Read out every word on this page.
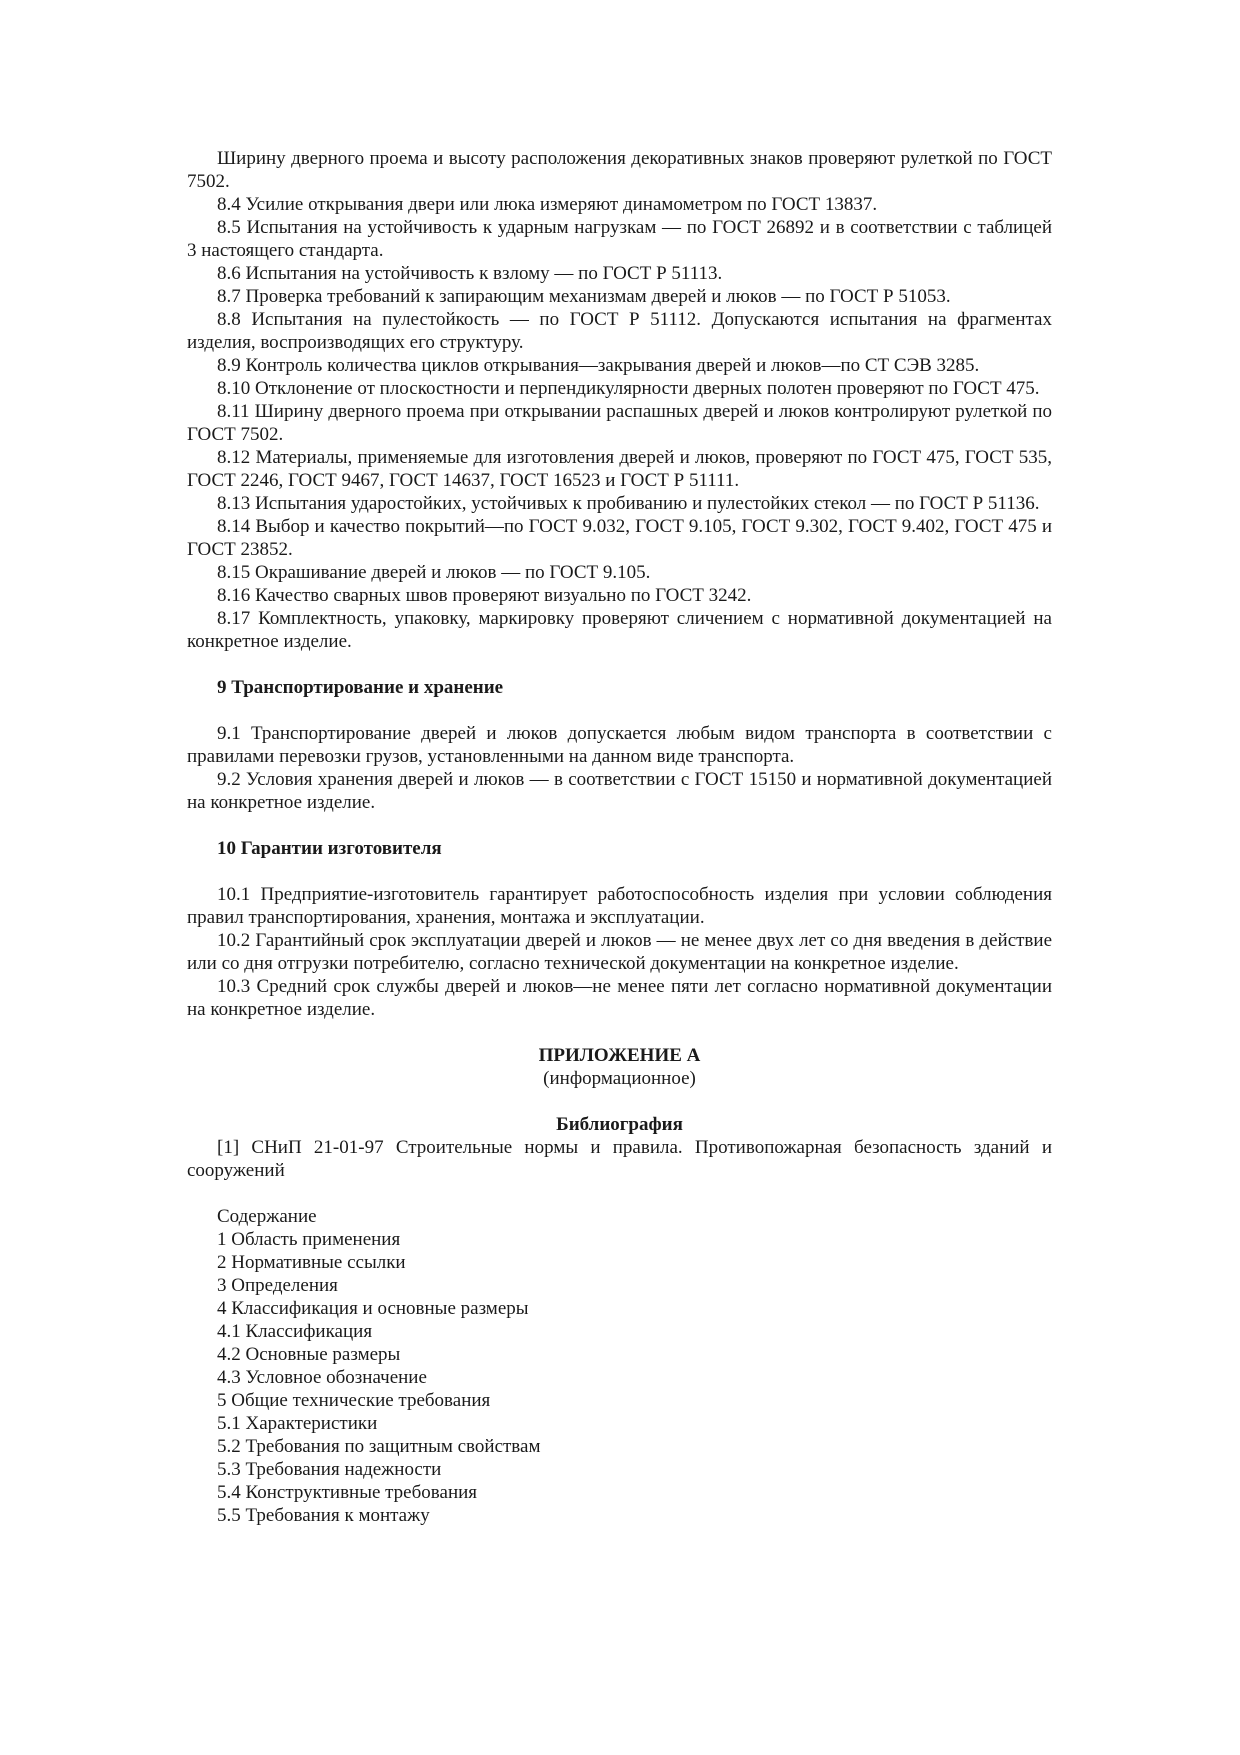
Ширину дверного проема и высоту расположения декоративных знаков проверяют рулеткой по ГОСТ 7502.

8.4 Усилие открывания двери или люка измеряют динамометром по ГОСТ 13837.

8.5 Испытания на устойчивость к ударным нагрузкам — по ГОСТ 26892 и в соответствии с таблицей 3 настоящего стандарта.

8.6 Испытания на устойчивость к взлому — по ГОСТ Р 51113.

8.7 Проверка требований к запирающим механизмам дверей и люков — по ГОСТ Р 51053.

8.8 Испытания на пулестойкость — по ГОСТ Р 51112. Допускаются испытания на фрагментах изделия, воспроизводящих его структуру.

8.9 Контроль количества циклов открывания—закрывания дверей и люков—по СТ СЭВ 3285.

8.10 Отклонение от плоскостности и перпендикулярности дверных полотен проверяют по ГОСТ 475.

8.11 Ширину дверного проема при открывании распашных дверей и люков контролируют рулеткой по ГОСТ 7502.

8.12 Материалы, применяемые для изготовления дверей и люков, проверяют по ГОСТ 475, ГОСТ 535, ГОСТ 2246, ГОСТ 9467, ГОСТ 14637, ГОСТ 16523 и ГОСТ Р 51111.

8.13 Испытания ударостойких, устойчивых к пробиванию и пулестойких стекол — по ГОСТ Р 51136.

8.14 Выбор и качество покрытий—по ГОСТ 9.032, ГОСТ 9.105, ГОСТ 9.302, ГОСТ 9.402, ГОСТ 475 и ГОСТ 23852.

8.15 Окрашивание дверей и люков — по ГОСТ 9.105.

8.16 Качество сварных швов проверяют визуально по ГОСТ 3242.

8.17 Комплектность, упаковку, маркировку проверяют сличением с нормативной документацией на конкретное изделие.

9 Транспортирование и хранение

9.1 Транспортирование дверей и люков допускается любым видом транспорта в соответствии с правилами перевозки грузов, установленными на данном виде транспорта.

9.2 Условия хранения дверей и люков — в соответствии с ГОСТ 15150 и нормативной документацией на конкретное изделие.

10 Гарантии изготовителя

10.1 Предприятие-изготовитель гарантирует работоспособность изделия при условии соблюдения правил транспортирования, хранения, монтажа и эксплуатации.

10.2 Гарантийный срок эксплуатации дверей и люков — не менее двух лет со дня введения в действие или со дня отгрузки потребителю, согласно технической документации на конкретное изделие.

10.3 Средний срок службы дверей и люков—не менее пяти лет согласно нормативной документации на конкретное изделие.

ПРИЛОЖЕНИЕ А

(информационное)

Библиография

[1] СНиП 21-01-97 Строительные нормы и правила. Противопожарная безопасность зданий и сооружений

Содержание

1 Область применения
2 Нормативные ссылки
3 Определения
4 Классификация и основные размеры
4.1 Классификация
4.2 Основные размеры
4.3 Условное обозначение
5 Общие технические требования
5.1 Характеристики
5.2 Требования по защитным свойствам
5.3 Требования надежности
5.4 Конструктивные требования
5.5 Требования к монтажу
